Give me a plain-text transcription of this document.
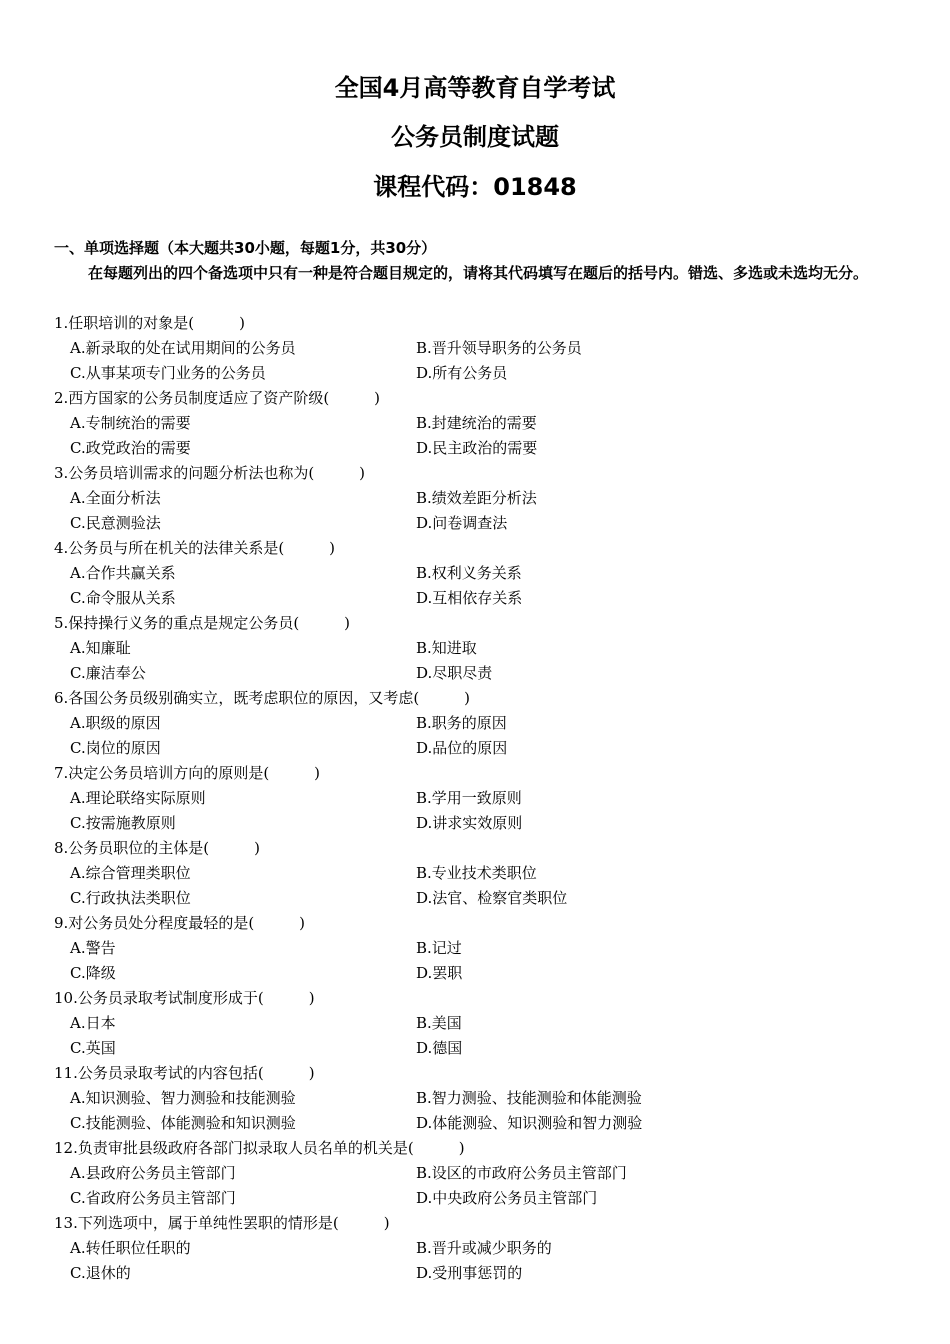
全国4月高等教育自学考试
公务员制度试题
课程代码：01848
一、单项选择题（本大题共30小题，每题1分，共30分）
在每题列出的四个备选项中只有一种是符合题目规定的，请将其代码填写在题后的括号内。错选、多选或未选均无分。
1.任职培训的对象是(　　　)
A.新录取的处在试用期间的公务员	B.晋升领导职务的公务员
C.从事某项专门业务的公务员	D.所有公务员
2.西方国家的公务员制度适应了资产阶级(　　　)
A.专制统治的需要	B.封建统治的需要
C.政党政治的需要	D.民主政治的需要
3.公务员培训需求的问题分析法也称为(　　　)
A.全面分析法	B.绩效差距分析法
C.民意测验法	D.问卷调查法
4.公务员与所在机关的法律关系是(　　　)
A.合作共赢关系	B.权利义务关系
C.命令服从关系	D.互相依存关系
5.保持操行义务的重点是规定公务员(　　　)
A.知廉耻	B.知进取
C.廉洁奉公	D.尽职尽责
6.各国公务员级别确实立，既考虑职位的原因，又考虑(　　　)
A.职级的原因	B.职务的原因
C.岗位的原因	D.品位的原因
7.决定公务员培训方向的原则是(　　　)
A.理论联络实际原则	B.学用一致原则
C.按需施教原则	D.讲求实效原则
8.公务员职位的主体是(　　　)
A.综合管理类职位	B.专业技术类职位
C.行政执法类职位	D.法官、检察官类职位
9.对公务员处分程度最轻的是(　　　)
A.警告	B.记过
C.降级	D.罢职
10.公务员录取考试制度形成于(　　　)
A.日本	B.美国
C.英国	D.德国
11.公务员录取考试的内容包括(　　　)
A.知识测验、智力测验和技能测验	B.智力测验、技能测验和体能测验
C.技能测验、体能测验和知识测验	D.体能测验、知识测验和智力测验
12.负责审批县级政府各部门拟录取人员名单的机关是(　　　)
A.县政府公务员主管部门	B.设区的市政府公务员主管部门
C.省政府公务员主管部门	D.中央政府公务员主管部门
13.下列选项中，属于单纯性罢职的情形是(　　　)
A.转任职位任职的	B.晋升或减少职务的
C.退休的	D.受刑事惩罚的
